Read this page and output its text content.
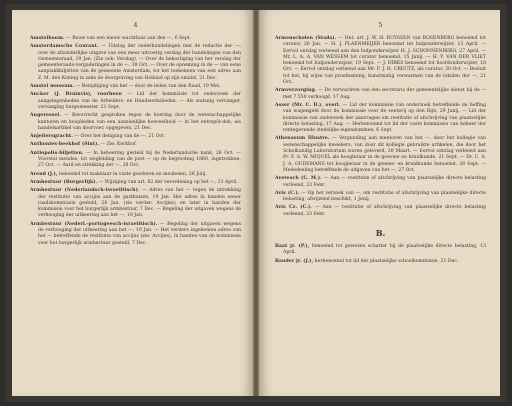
4

Amstelboom. — Bouw van een nieuw wachthuis aan den —, 6 Sept.

Amsterdamsche Courant. — Uitslag der onderhandelingen met de redactie der —, over de afzonderlijke uitgave van een meer uitvoerig verslag der handelingen van den Gemeenteraad, 19 Jan. (Zie ook: Verslag). — Over de bekostiging van het verslag der gemeenteraads-vergaderingen in de —, 28 Oct. — Over de opneming in de — van eene aanplakkbiljetten van de gemeente Amsterdam, tot het toekennen van een adres aan Z. M. den Koning in zake de doorgraving van Holland op zijn smalst, 21 Dec.

Amstel museum. — Benijdiging van het — door de leden van den Raad, 19 Mei.

Ancker (J. Bruinvis), voorheen — Lid der kommissie tot onderzoek der aangelegenheden van de Arbeiders- en Handwerkslieden. — Als zodanig vervanger, vervanging burgemeester, 21 Sept.

Angeressel. — Bevorrecht gesproken tegen de koering door de wetenschappelijke kantoren en kooplieden van een aanzienlijke hoeveelheid — in het entrepôt-dok, als handelsartikel van doorvoer, opgegeven, 21 Dec.

Anjeliersgracht. — Over het demping van de —, 21 Oct.

Anthonies-beekhof (Sint). — Zie: Kerkhof.

Antiopolis-biljetten. — In beheering gesteld bij de Nederlandsche bank, 26 Oct. — Voorstel mendes, tot wegleiding van de post — op de begrooting 1860, ingetrokken, 27 Oct. — Aard en strekking der —, 28 Oct.

Arend (J.), benoemd tot makelaar in vaste goederen en meubelen, 26 Julij.

Armbestuur (Burgerlijk). — Wijziging van art. 82 der verordening op het —, 13 April.

Armbestuur (Nederlandsch-israelitisch). — Adres van het — tegen de intrekking der restitutie van accijns aan de gasthuizen, 19 Jan. Het adres in handen eener raadskommissie gesteld, 26 Jan. (zie verder: Accijns); en later in handen der kommissie voor het burgerlijk armbestuur, 7 Dec. — Regeling der uitgaven wegens de verhooging der uitkeering aan het —, 19 Jan.

Armbestuur (Nederl.-portugeesch-israelitisch). — Regeling der uitgaven wegens de verhooging der uitkeering aan het —, 19 Jan. — Het verdere ingekomen adres van het — betreffende de restitutie van accijns (zie: Accijns), in handen van de kommissie voor het burgerlijk armbestuur gesteld, 7 Dec.

5

Armenscholen (Stads). — Het. art. J. W. H. RUYSSEN van ROSENBERG benoemd tot curator, 26 Jan. — H. J. PLAENMEIJER benoemd tot hulponderwijzer, 13 April. — Eervol ontslag verleend aan den hulponderwijzer H. J. SCHONNENBERG, 27 April. — Mr. L. A. A. VAN WESSEM tot curator benoemd, 15 Junij. — H. Y. VAN DER VLIET benoemd tot hulponderwijzer, 19 Sept. — J. DIRKS benoemd tot hoofdonderwijzer, 18 Oct. — Eervol ontslag verleend aan Mr. F. J. H. CREUTZ, als curator, 30 Oct. — Besluit tot het, bij wijze van proefneming, kunstmatig verwarmen van de lokalen der —, 21 Oct.

Armverzorging. — De verwachten van den secretaris der gemeentelijke dienst bij de — met 7 550 verhoogd, 17 Aug.

Asser (Mr. C. D.), overl. — Lid der kommissie van onderzoek betreffende de heffing van wagengeld door de kommissie voor de venterij op den Rijn, 29 Junij. — Lid der kommissie van onderzoek der aanvragen om restitutie of afschrijving van plaatselijke directe belasting, 17 Aug. — Herbenoemd tot lid der vaste kommissie van beheer der rentegevende stedelijke eigendommen, 6 Sept.

Athenaeum Illustre. — Vergunding aan mentoren van het —, door het kollegie van wetenschappelijke kweekers, van door dit kollegie gebruikte artikelen, die door het Scholkundig Laboratorium waren geleverd, 30 Maart. — Eervol ontslag verleend aan Pr. F. A. W. MIQUEL als hoogleraar in de gewone en kruidkunde, 21 Sept. — Dr. C. A. J. A. OUDEMANS tot hoogleraar in de genees- en kruidkunde benoemd, 28 Sept. — Mededeeling betreffende de uitgaven van het —, 27 Oct.

Averesch (C. M.). — Aan — restitutie of afschrijving van plaatselijke directe belasting verleend, 23 Febr.

Avis (C.). — Op het verzoek van —, om restitutie of afschrijving van plaatselijke directe belasting, afwijzend beschikt, 1 Junij.

Avis Cz. (C.). — Aan — restitutie of afschrijving van plaatselijke directe belasting verleend, 23 Febr.

B.

Baat jr. (P.), benoemd tot gewezen schatter bij de plaatselijke directe belasting, 13 April.

Bauder jr. (J.), herbenoemd tot lid der plaatselijke schoolkommissie, 21 Dec.
